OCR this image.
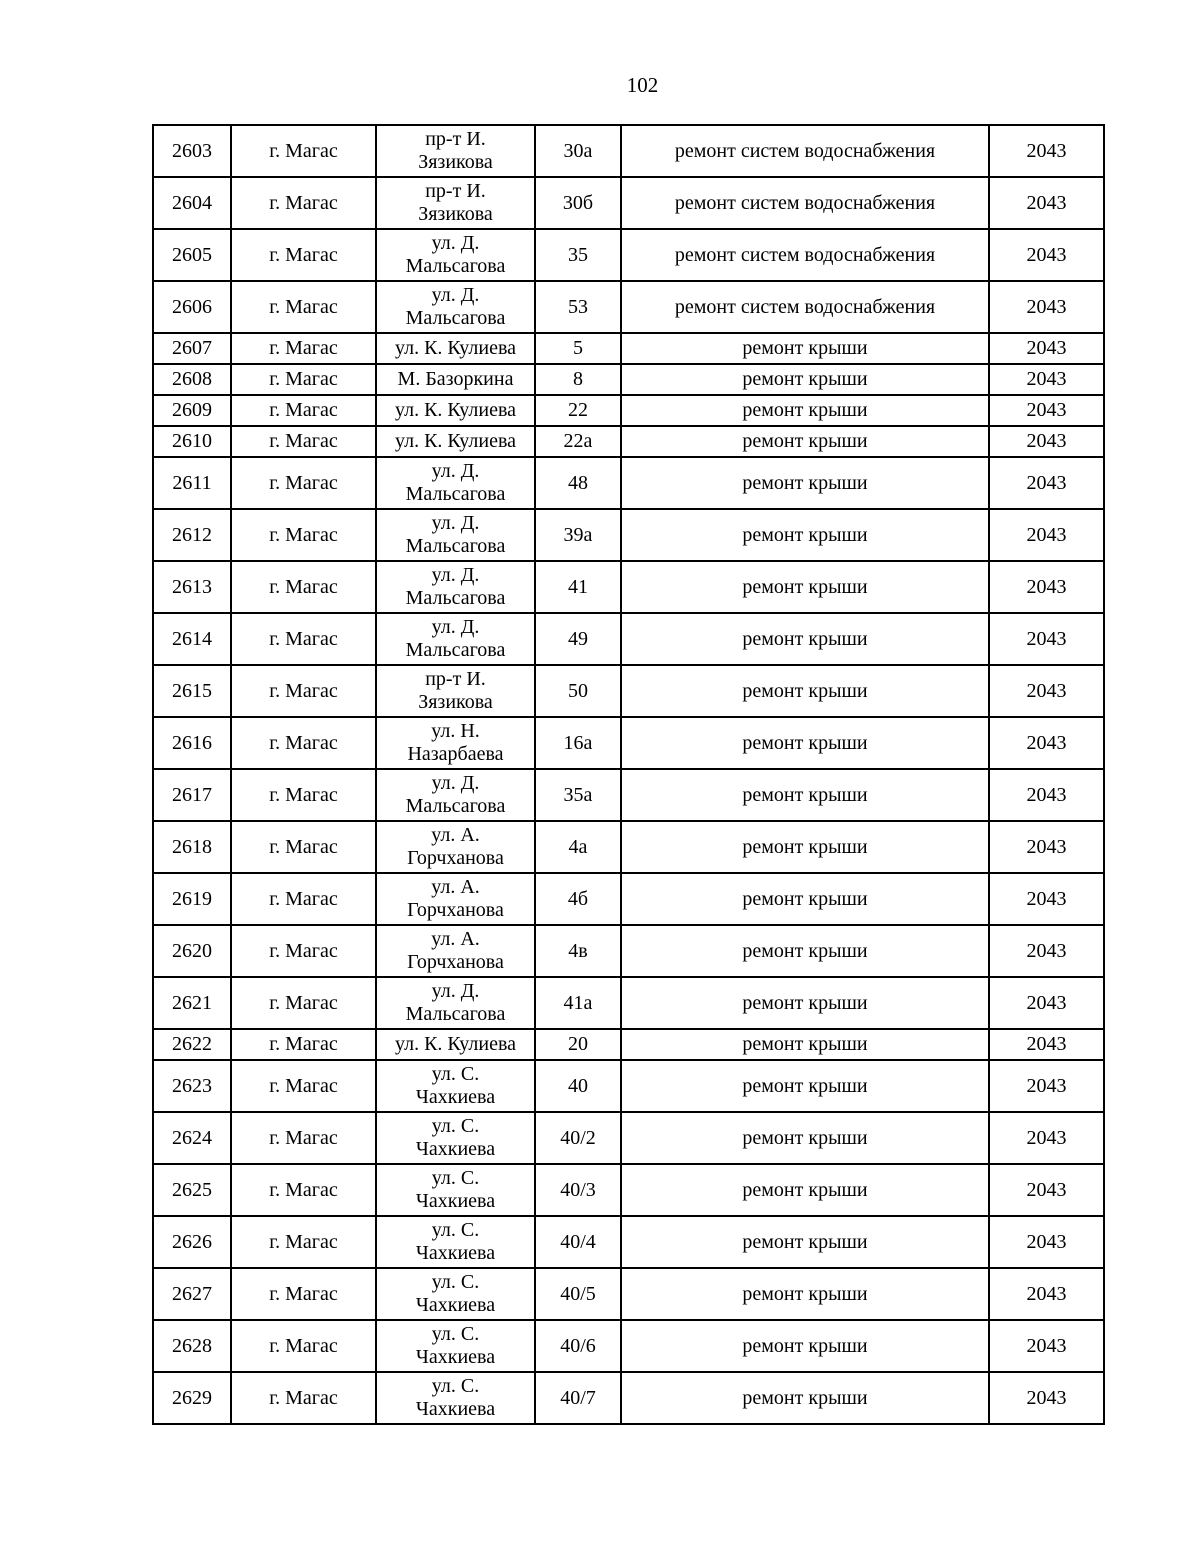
102
2603	г. Магас	пр-т И.
Зязикова	30а	ремонт систем водоснабжения	2043
2604	г. Магас	пр-т И.
Зязикова	30б	ремонт систем водоснабжения	2043
2605	г. Магас	ул. Д.
Мальсагова	35	ремонт систем водоснабжения	2043
2606	г. Магас	ул. Д.
Мальсагова	53	ремонт систем водоснабжения	2043
2607	г. Магас	ул. К. Кулиева	5	ремонт крыши	2043
2608	г. Магас	М. Базоркина	8	ремонт крыши	2043
2609	г. Магас	ул. К. Кулиева	22	ремонт крыши	2043
2610	г. Магас	ул. К. Кулиева	22а	ремонт крыши	2043
2611	г. Магас	ул. Д.
Мальсагова	48	ремонт крыши	2043
2612	г. Магас	ул. Д.
Мальсагова	39а	ремонт крыши	2043
2613	г. Магас	ул. Д.
Мальсагова	41	ремонт крыши	2043
2614	г. Магас	ул. Д.
Мальсагова	49	ремонт крыши	2043
2615	г. Магас	пр-т И.
Зязикова	50	ремонт крыши	2043
2616	г. Магас	ул. Н.
Назарбаева	16а	ремонт крыши	2043
2617	г. Магас	ул. Д.
Мальсагова	35а	ремонт крыши	2043
2618	г. Магас	ул. А.
Горчханова	4а	ремонт крыши	2043
2619	г. Магас	ул. А.
Горчханова	4б	ремонт крыши	2043
2620	г. Магас	ул. А.
Горчханова	4в	ремонт крыши	2043
2621	г. Магас	ул. Д.
Мальсагова	41а	ремонт крыши	2043
2622	г. Магас	ул. К. Кулиева	20	ремонт крыши	2043
2623	г. Магас	ул. С.
Чахкиева	40	ремонт крыши	2043
2624	г. Магас	ул. С.
Чахкиева	40/2	ремонт крыши	2043
2625	г. Магас	ул. С.
Чахкиева	40/3	ремонт крыши	2043
2626	г. Магас	ул. С.
Чахкиева	40/4	ремонт крыши	2043
2627	г. Магас	ул. С.
Чахкиева	40/5	ремонт крыши	2043
2628	г. Магас	ул. С.
Чахкиева	40/6	ремонт крыши	2043
2629	г. Магас	ул. С.
Чахкиева	40/7	ремонт крыши	2043
